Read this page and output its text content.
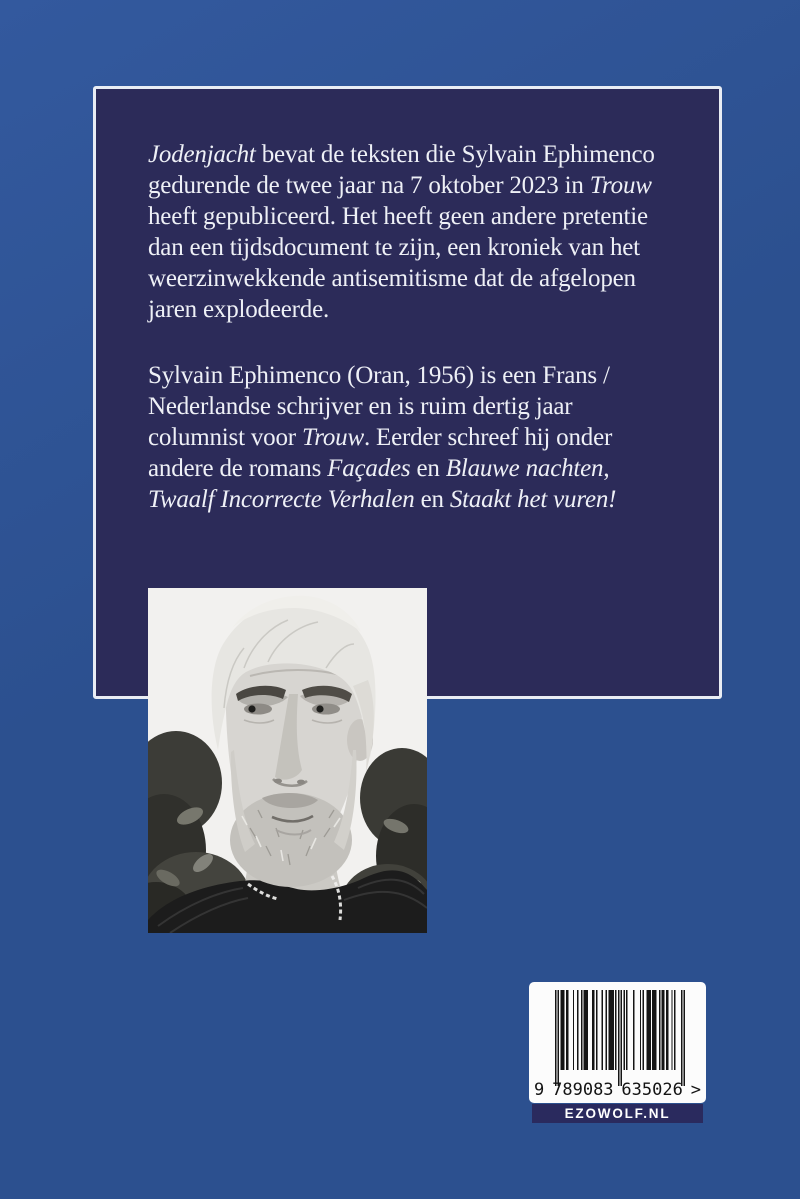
Jodenjacht bevat de teksten die Sylvain Ephimenco
gedurende de twee jaar na 7 oktober 2023 in Trouw
heeft gepubliceerd. Het heeft geen andere pretentie
dan een tijdsdocument te zijn, een kroniek van het
weerzinwekkende antisemitisme dat de afgelopen
jaren explodeerde.

Sylvain Ephimenco (Oran, 1956) is een Frans /
Nederlandse schrijver en is ruim dertig jaar
columnist voor Trouw. Eerder schreef hij onder
andere de romans Façades en Blauwe nachten,
Twaalf Incorrecte Verhalen en Staakt het vuren!

9 789083 635026 >
EZOWOLF.NL
